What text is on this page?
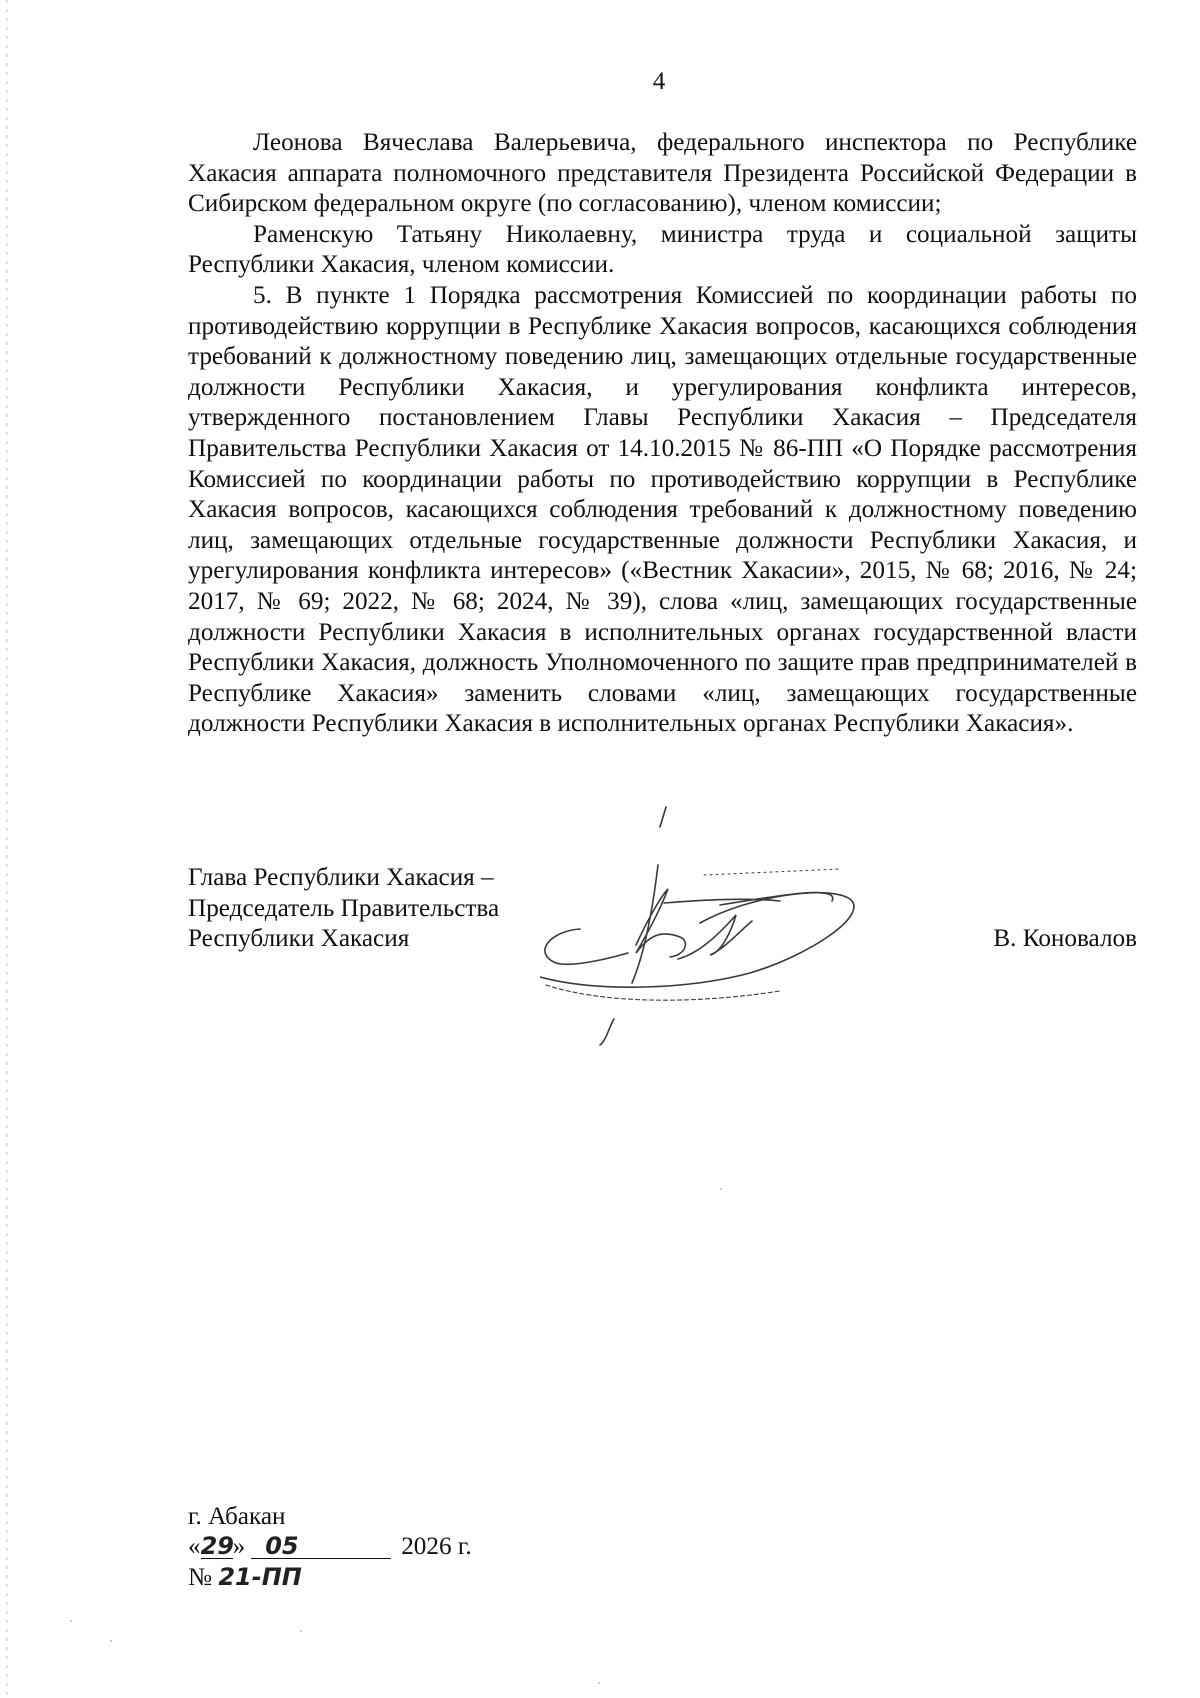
4

Леонова Вячеслава Валерьевича, федерального инспектора по Республике Хакасия аппарата полномочного представителя Президента Российской Федерации в Сибирском федеральном округе (по согласованию), членом комиссии;

Раменскую Татьяну Николаевну, министра труда и социальной защиты Республики Хакасия, членом комиссии.

5. В пункте 1 Порядка рассмотрения Комиссией по координации работы по противодействию коррупции в Республике Хакасия вопросов, касающихся соблюдения требований к должностному поведению лиц, замещающих отдельные государственные должности Республики Хакасия, и урегулирования конфликта интересов, утвержденного постановлением Главы Республики Хакасия – Председателя Правительства Республики Хакасия от 14.10.2015 № 86-ПП «О Порядке рассмотрения Комиссией по координации работы по противодействию коррупции в Республике Хакасия вопросов, касающихся соблюдения требований к должностному поведению лиц, замещающих отдельные государственные должности Республики Хакасия, и урегулирования конфликта интересов» («Вестник Хакасии», 2015, № 68; 2016, № 24; 2017, № 69; 2022, № 68; 2024, № 39), слова «лиц, замещающих государственные должности Республики Хакасия в исполнительных органах государственной власти Республики Хакасия, должность Уполномоченного по защите прав предпринимателей в Республике Хакасия» заменить словами «лиц, замещающих государственные должности Республики Хакасия в исполнительных органах Республики Хакасия».

Глава Республики Хакасия –
Председатель Правительства
Республики Хакасия	В. Коновалов
г. Абакан
«29» 05	2026 г.
№ 21-ПП
